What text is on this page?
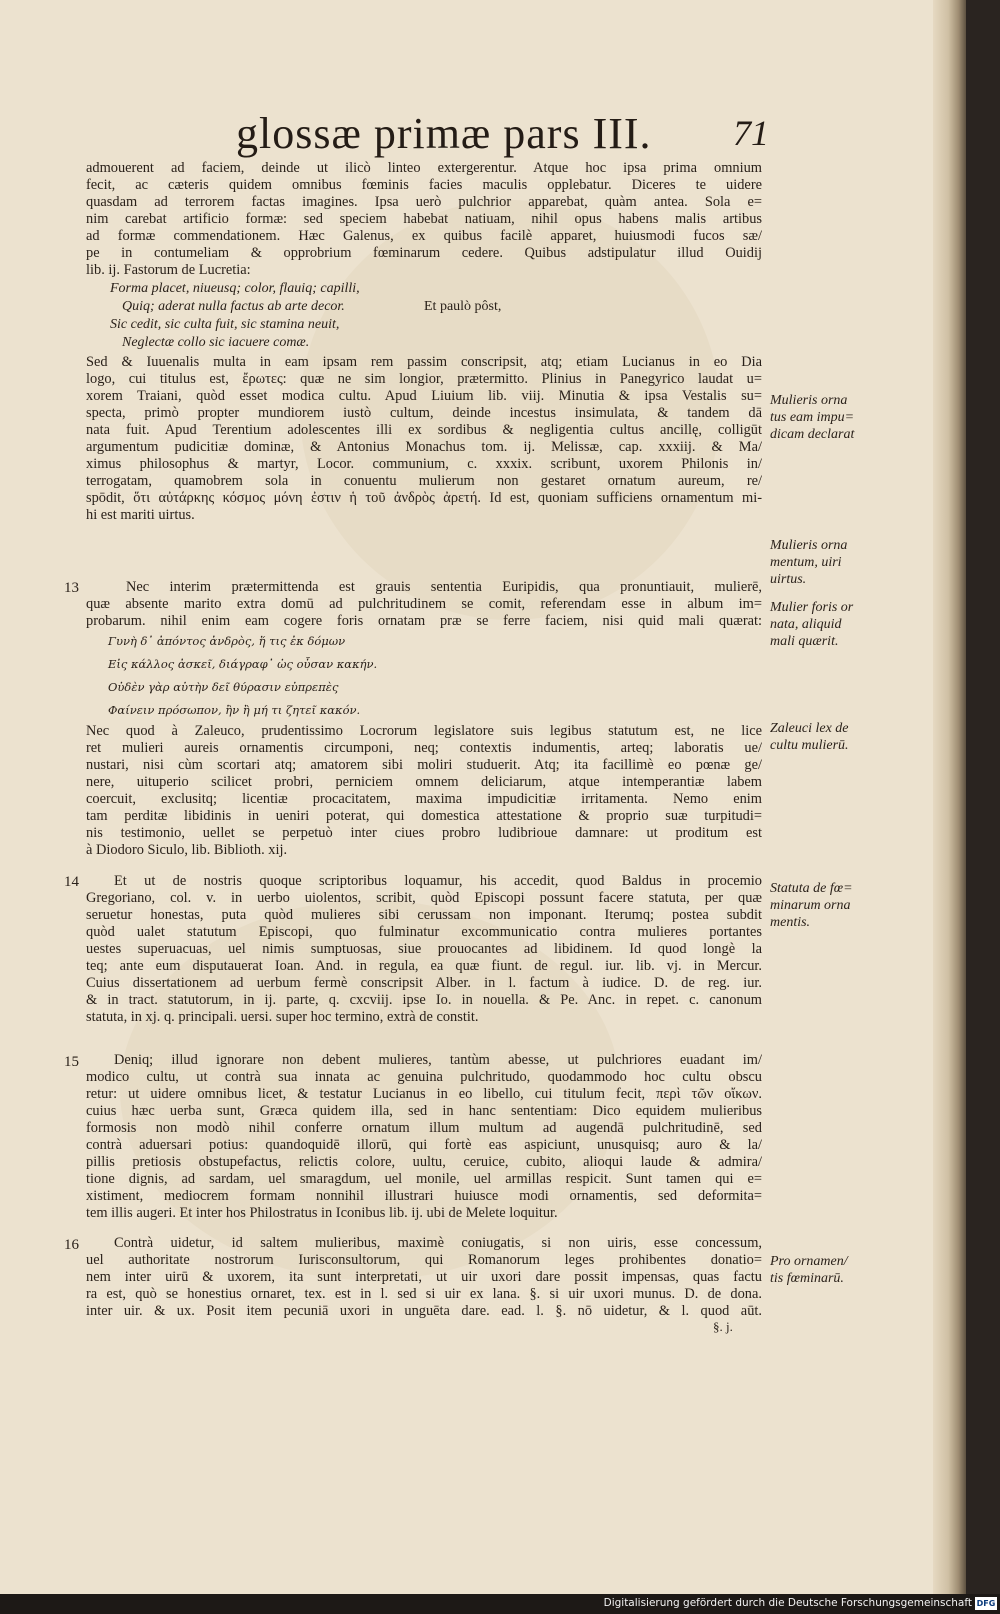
glossæ primæ pars III. 71
admouerent ad faciem, deinde ut ilicò linteo extergerentur. Atque hoc ipsa prima omnium
fecit, ac cæteris quidem omnibus fœminis facies maculis opplebatur. Diceres te uidere
quasdam ad terrorem factas imagines. Ipsa uerò pulchrior apparebat, quàm antea. Sola e=
nim carebat artificio formæ: sed speciem habebat natiuam, nihil opus habens malis artibus
ad formæ commendationem. Hæc Galenus, ex quibus facilè apparet, huiusmodi fucos sæ/
pe in contumeliam & opprobrium fœminarum cedere. Quibus adstipulatur illud Ouidij
lib. ij. Fastorum de Lucretia:
Forma placet, niueusq; color, flauiq; capilli,
Quiq; aderat nulla factus ab arte decor.	Et paulò pôst,
Sic cedit, sic culta fuit, sic stamina neuit,
Neglectæ collo sic iacuere comæ.
Sed & Iuuenalis multa in eam ipsam rem passim conscripsit, atq; etiam Lucianus in eo Dia
logo, cui titulus est, ἔρωτες: quæ ne sim longior, prætermitto. Plinius in Panegyrico laudat u=
xorem Traiani, quòd esset modica cultu. Apud Liuium lib. viij. Minutia & ipsa Vestalis su=
specta, primò propter mundiorem iustò cultum, deinde incestus insimulata, & tandem dā
nata fuit. Apud Terentium adolescentes illi ex sordibus & negligentia cultus ancillę, colligūt
argumentum pudicitiæ dominæ, & Antonius Monachus tom. ij. Melissæ, cap. xxxiij. & Ma/
ximus philosophus & martyr, Locor. communium, c. xxxix. scribunt, uxorem Philonis in/
terrogatam, quamobrem sola in conuentu mulierum non gestaret ornatum aureum, re/
spōdit, ὅτι αὐτάρκης κόσμος μόνη ἐστιν ἡ τοῦ ἀνδρὸς ἀρετή. Id est, quoniam sufficiens ornamentum mi-
hi est mariti uirtus.
13	Nec interim prætermittenda est grauis sententia Euripidis, qua pronuntiauit, mulierē,
quæ absente marito extra domū ad pulchritudinem se comit, referendam esse in album im=
probarum. nihil enim eam cogere foris ornatam præ se ferre faciem, nisi quid mali quærat:
Γυνὴ δ᾽ ἀπόντος ἀνδρὸς, ἥ τις ἐκ δόμων
Εἰς κάλλος ἀσκεῖ, διάγραφ᾽ ὡς οὖσαν κακήν.
Οὐδὲν γὰρ αὐτὴν δεῖ θύρασιν εὐπρεπὲς
Φαίνειν πρόσωπον, ἢν ἢ μή τι ζητεῖ κακόν.
Nec quod à Zaleuco, prudentissimo Locrorum legislatore suis legibus statutum est, ne lice
ret mulieri aureis ornamentis circumponi, neq; contextis indumentis, arteq; laboratis ue/
nustari, nisi cùm scortari atq; amatorem sibi moliri studuerit. Atq; ita facillimè eo pœnæ ge/
nere, uituperio scilicet probri, perniciem omnem deliciarum, atque intemperantiæ labem
coercuit, exclusitq; licentiæ procacitatem, maxima impudicitiæ irritamenta. Nemo enim
tam perditæ libidinis in ueniri poterat, qui domestica attestatione & proprio suæ turpitudi=
nis testimonio, uellet se perpetuò inter ciues probro ludibrioue damnare: ut proditum est
à Diodoro Siculo, lib. Biblioth. xij.
14	Et ut de nostris quoque scriptoribus loquamur, his accedit, quod Baldus in procemio
Gregoriano, col. v. in uerbo uiolentos, scribit, quòd Episcopi possunt facere statuta, per quæ
seruetur honestas, puta quòd mulieres sibi cerussam non imponant. Iterumq; postea subdit
quòd ualet statutum Episcopi, quo fulminatur excommunicatio contra mulieres portantes
uestes superuacuas, uel nimis sumptuosas, siue prouocantes ad libidinem. Id quod longè la
teq; ante eum disputauerat Ioan. And. in regula, ea quæ fiunt. de regul. iur. lib. vj. in Mercur.
Cuius dissertationem ad uerbum fermè conscripsit Alber. in l. factum à iudice. D. de reg. iur.
& in tract. statutorum, in ij. parte, q. cxcviij. ipse Io. in nouella. & Pe. Anc. in repet. c. canonum
statuta, in xj. q. principali. uersi. super hoc termino, extrà de constit.
15	Deniq; illud ignorare non debent mulieres, tantùm abesse, ut pulchriores euadant im/
modico cultu, ut contrà sua innata ac genuina pulchritudo, quodammodo hoc cultu obscu
retur: ut uidere omnibus licet, & testatur Lucianus in eo libello, cui titulum fecit, περὶ τῶν οἴκων.
cuius hæc uerba sunt, Græca quidem illa, sed in hanc sententiam: Dico equidem mulieribus
formosis non modò nihil conferre ornatum illum multum ad augendā pulchritudinē, sed
contrà aduersari potius: quandoquidē illorū, qui fortè eas aspiciunt, unusquisq; auro & la/
pillis pretiosis obstupefactus, relictis colore, uultu, ceruice, cubito, alioqui laude & admira/
tione dignis, ad sardam, uel smaragdum, uel monile, uel armillas respicit. Sunt tamen qui e=
xistiment, mediocrem formam nonnihil illustrari huiusce modi ornamentis, sed deformita=
tem illis augeri. Et inter hos Philostratus in Iconibus lib. ij. ubi de Melete loquitur.
16	Contrà uidetur, id saltem mulieribus, maximè coniugatis, si non uiris, esse concessum,
uel authoritate nostrorum Iurisconsultorum, qui Romanorum leges prohibentes donatio=
nem inter uirū & uxorem, ita sunt interpretati, ut uir uxori dare possit impensas, quas factu
ra est, quò se honestius ornaret, tex. est in l. sed si uir ex lana. §. si uir uxori munus. D. de dona.
inter uir. & ux. Posit item pecuniā uxori in unguēta dare. ead. l. §. nō uidetur, & l. quod aūt.
§. j.
Mulieris orna
tus eam impu=
dicam declarat
Mulieris orna
mentum, uiri
uirtus.
Mulier foris or
nata, aliquid
mali quærit.
Zaleuci lex de
cultu mulierū.
Statuta de fœ=
minarum orna
mentis.
Pro ornamen/
tis fœminarū.
Digitalisierung gefördert durch die Deutsche Forschungsgemeinschaft DFG
